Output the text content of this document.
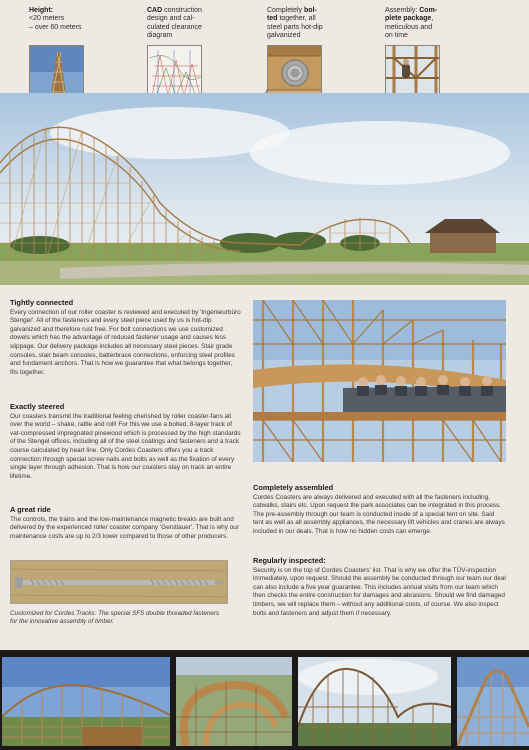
Height:
<20 meters
– over 60 meters
CAD construction
design and cal-
culated clearance
diagram
Completely bol-
ted together, all
steel parts hot-dip
galvanized
Assembly: Com-
plete package,
meticulous and
on time
Tightly connected

Every connection of our roller coaster is reviewed and executed by 'Ingenieurbüro Stengel'. All of the fasteners and every steel piece used by us is hot-dip galvanized and therefore rust free. For bolt connections we use customized dowels which has the advantage of reduced fastener usage and causes less slippage. Our delivery package includes all necessary steel pieces. Stair grade consoles, stair beam consoles, batterbrace connections, enforcing steel profiles and fundament anchors. That is how we guarantee that what belongs together, fits together.

Exactly steered

Our coasters transmit the traditional feeling cherished by roller coaster-fans all over the world – shake, rattle and roll! For this we use a bolted, 8-layer track of vat-compressed impregnated pinewood which is processed by the high standards of the Stengel offices, including all of the steel coatings and fasteners and a track course calculated by heart line. Only Cordes Coasters offers you a track connection through special screw nails and bolts as well as the fixation of every single layer through adhesion. That is how our coasters stay on track an entire lifetime.

A great ride

The controls, the trains and the low-maintenance magnetic breaks are built and delivered by the experienced roller coaster company 'Gerstlauer'. That is why our maintenance costs are up to 2/3 lower compared to those of other producers.

Customized for Cordes Tracks: The special SFS double threaded fasteners
for the innovative assembly of timber.
Completely assembled

Cordes Coasters are always delivered and executed with all the fasteners including, catwalks, stairs etc. Upon request the park associates can be integrated in this process. The pre-assembly through our team is conducted inside of a special tent on site. Said tent as well as all assembly appliances, the necessary lift vehicles and cranes are always included in our deals. That is how no hidden costs can emerge.

Regularly inspected:

Security is on the top of Cordes Coasters' list. That is why we offer the TÜV-inspection immediately, upon request. Should the assembly be conducted through our team our deal can also include a five year guarantee. This includes annual visits from our team which then checks the entire construction for damages and abrasions. Should we find damaged timbers, we will replace them – without any additional costs, of course. We also inspect bolts and fasteners and adjust them if necessary.
